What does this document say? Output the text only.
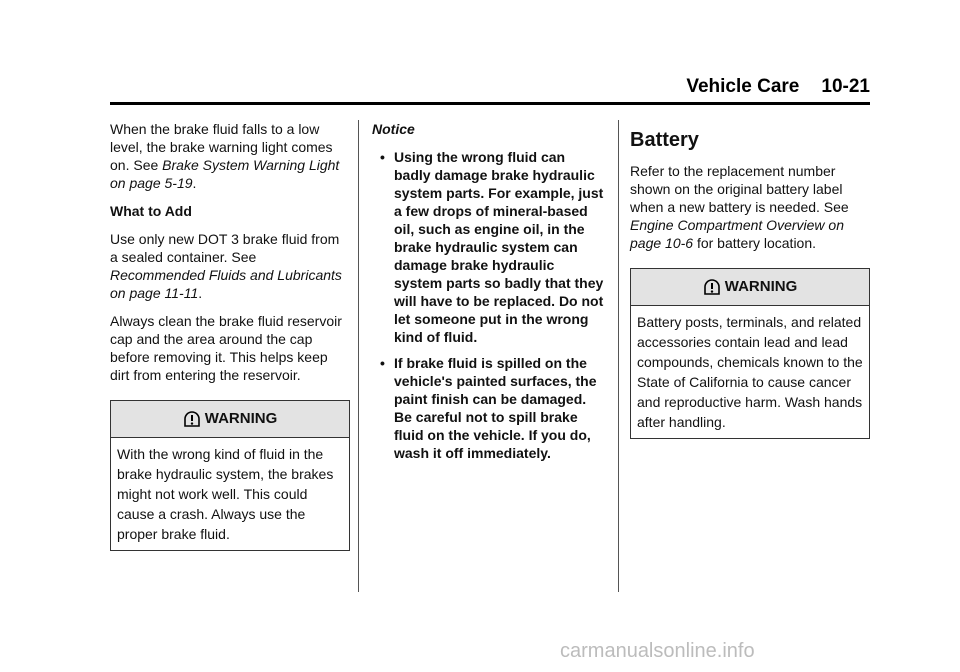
Vehicle Care 10-21

When the brake fluid falls to a low level, the brake warning light comes on. See Brake System Warning Light on page 5-19.

What to Add

Use only new DOT 3 brake fluid from a sealed container. See Recommended Fluids and Lubricants on page 11-11.

Always clean the brake fluid reservoir cap and the area around the cap before removing it. This helps keep dirt from entering the reservoir.

WARNING
With the wrong kind of fluid in the brake hydraulic system, the brakes might not work well. This could cause a crash. Always use the proper brake fluid.

Notice

• Using the wrong fluid can badly damage brake hydraulic system parts. For example, just a few drops of mineral-based oil, such as engine oil, in the brake hydraulic system can damage brake hydraulic system parts so badly that they will have to be replaced. Do not let someone put in the wrong kind of fluid.
• If brake fluid is spilled on the vehicle's painted surfaces, the paint finish can be damaged. Be careful not to spill brake fluid on the vehicle. If you do, wash it off immediately.
Battery

Refer to the replacement number shown on the original battery label when a new battery is needed. See Engine Compartment Overview on page 10-6 for battery location.

WARNING
Battery posts, terminals, and related accessories contain lead and lead compounds, chemicals known to the State of California to cause cancer and reproductive harm. Wash hands after handling.
carmanualsonline.info
